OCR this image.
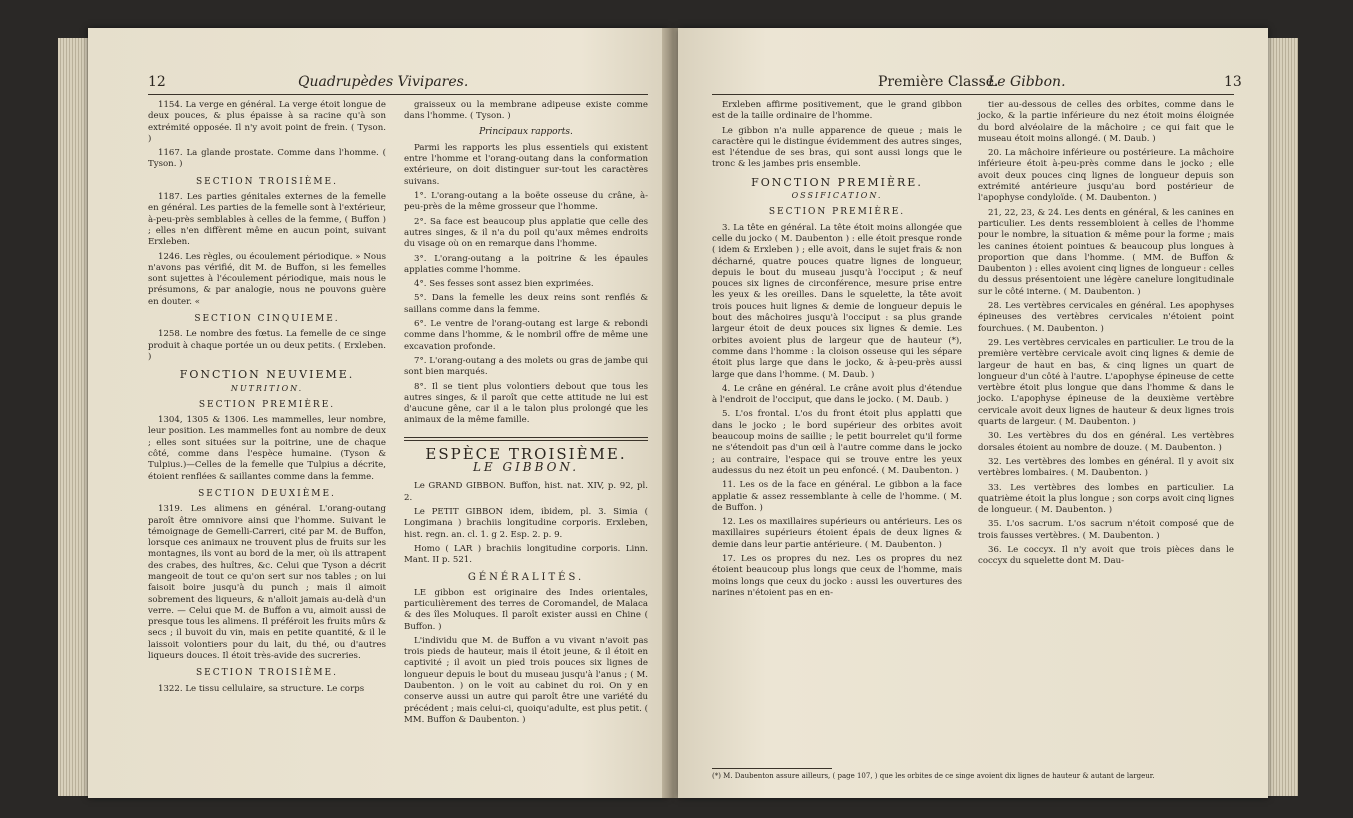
12	Quadrupèdes Vivipares.

1154. La verge en général. La verge étoit longue de deux pouces, & plus épaisse à sa racine qu'à son extrémité opposée. Il n'y avoit point de frein. ( Tyson. )

1167. La glande prostate. Comme dans l'homme. ( Tyson. )

SECTION TROISIÈME.

1187. Les parties génitales externes de la femelle en général. Les parties de la femelle sont à l'extérieur, à-peu-près semblables à celles de la femme, ( Buffon ) ; elles n'en diffèrent même en aucun point, suivant Erxleben.

1246. Les règles, ou écoulement périodique. » Nous n'avons pas vérifié, dit M. de Buffon, si les femelles sont sujettes à l'écoulement périodique, mais nous le présumons, & par analogie, nous ne pouvons guère en douter. «

SECTION CINQUIEME.

1258. Le nombre des fœtus. La femelle de ce singe produit à chaque portée un ou deux petits. ( Erxleben. )

FONCTION NEUVIEME.
NUTRITION.
SECTION PREMIÈRE.

1304, 1305 & 1306. Les mammelles, leur nombre, leur position. Les mammelles font au nombre de deux ; elles sont situées sur la poitrine, une de chaque côté, comme dans l'espèce humaine. (Tyson & Tulpius.)—Celles de la femelle que Tulpius a décrite, étoient renflées & saillantes comme dans la femme.

SECTION DEUXIÈME.

1319. Les alimens en général. L'orang-outang paroît être omnivore ainsi que l'homme. Suivant le témoignage de Gemelli-Carreri, cité par M. de Buffon, lorsque ces animaux ne trouvent plus de fruits sur les montagnes, ils vont au bord de la mer, où ils attrapent des crabes, des huîtres, &c. Celui que Tyson a décrit mangeoit de tout ce qu'on sert sur nos tables ; on lui faisoit boire jusqu'à du punch ; mais il aimoit sobrement des liqueurs, & n'alloit jamais au-delà d'un verre. — Celui que M. de Buffon a vu, aimoit aussi de presque tous les alimens. Il préféroit les fruits mûrs & secs ; il buvoit du vin, mais en petite quantité, & il le laissoit volontiers pour du lait, du thé, ou d'autres liqueurs douces. Il étoit très-avide des sucreries.

SECTION TROISIÈME.

1322. Le tissu cellulaire, sa structure. Le corps

graisseux ou la membrane adipeuse existe comme dans l'homme. ( Tyson. )

Principaux rapports.

Parmi les rapports les plus essentiels qui existent entre l'homme et l'orang-outang dans la conformation extérieure, on doit distinguer sur-tout les caractères suivans.

1°. L'orang-outang a la boëte osseuse du crâne, à-peu-près de la même grosseur que l'homme.

2°. Sa face est beaucoup plus applatie que celle des autres singes, & il n'a du poil qu'aux mêmes endroits du visage où on en remarque dans l'homme.

3°. L'orang-outang a la poitrine & les épaules applaties comme l'homme.

4°. Ses fesses sont assez bien exprimées.

5°. Dans la femelle les deux reins sont renflés & saillans comme dans la femme.

6°. Le ventre de l'orang-outang est large & rebondi comme dans l'homme, & le nombril offre de même une excavation profonde.

7°. L'orang-outang a des molets ou gras de jambe qui sont bien marqués.

8°. Il se tient plus volontiers debout que tous les autres singes, & il paroît que cette attitude ne lui est d'aucune gêne, car il a le talon plus prolongé que les animaux de la même famille.

ESPÈCE TROISIÈME.
LE GIBBON.

Le GRAND GIBBON. Buffon, hist. nat. XIV, p. 92, pl. 2.

Le PETIT GIBBON idem, ibidem, pl. 3. Simia ( Longimana ) brachiis longitudine corporis. Erxleben, hist. regn. an. cl. 1. g 2. Esp. 2. p. 9.

Homo ( LAR ) brachiis longitudine corporis. Linn. Mant. II p. 521.

GÉNÉRALITÉS.

LE gibbon est originaire des Indes orientales, particulièrement des terres de Coromandel, de Malaca & des îles Moluques. Il paroît exister aussi en Chine ( Buffon. )

L'individu que M. de Buffon a vu vivant n'avoit pas trois pieds de hauteur, mais il étoit jeune, & il étoit en captivité ; il avoit un pied trois pouces six lignes de longueur depuis le bout du museau jusqu'à l'anus ; ( M. Daubenton. ) on le voit au cabinet du roi. On y en conserve aussi un autre qui paroît être une variété du précédent ; mais celui-ci, quoiqu'adulte, est plus petit. ( MM. Buffon & Daubenton. )

Première Classe.
Le Gibbon.	13

Erxleben affirme positivement, que le grand gibbon est de la taille ordinaire de l'homme.

Le gibbon n'a nulle apparence de queue ; mais le caractère qui le distingue évidemment des autres singes, est l'étendue de ses bras, qui sont aussi longs que le tronc & les jambes pris ensemble.

FONCTION PREMIÈRE.
OSSIFICATION.
SECTION PREMIÈRE.

3. La tête en général. La tête étoit moins allongée que celle du jocko ( M. Daubenton ) : elle étoit presque ronde ( idem & Erxleben ) ; elle avoit, dans le sujet frais & non décharné, quatre pouces quatre lignes de longueur, depuis le bout du museau jusqu'à l'occiput ; & neuf pouces six lignes de circonférence, mesure prise entre les yeux & les oreilles. Dans le squelette, la tête avoit trois pouces huit lignes & demie de longueur depuis le bout des mâchoires jusqu'à l'occiput : sa plus grande largeur étoit de deux pouces six lignes & demie. Les orbites avoient plus de largeur que de hauteur (*), comme dans l'homme : la cloison osseuse qui les sépare étoit plus large que dans le jocko, & à-peu-près aussi large que dans l'homme. ( M. Daub. )

4. Le crâne en général. Le crâne avoit plus d'étendue à l'endroit de l'occiput, que dans le jocko. ( M. Daub. )

5. L'os frontal. L'os du front étoit plus applatti que dans le jocko ; le bord supérieur des orbites avoit beaucoup moins de saillie ; le petit bourrelet qu'il forme ne s'étendoit pas d'un œil à l'autre comme dans le jocko ; au contraire, l'espace qui se trouve entre les yeux audessus du nez étoit un peu enfoncé. ( M. Daubenton. )

11. Les os de la face en général. Le gibbon a la face applatie & assez ressemblante à celle de l'homme. ( M. de Buffon. )

12. Les os maxillaires supérieurs ou antérieurs. Les os maxillaires supérieurs étoient épais de deux lignes & demie dans leur partie antérieure. ( M. Daubenton. )

17. Les os propres du nez. Les os propres du nez étoient beaucoup plus longs que ceux de l'homme, mais moins longs que ceux du jocko : aussi les ouvertures des narines n'étoient pas en en-

tier au-dessous de celles des orbites, comme dans le jocko, & la partie inférieure du nez étoit moins éloignée du bord alvéolaire de la mâchoire ; ce qui fait que le museau étoit moins allongé. ( M. Daub. )

20. La mâchoire inférieure ou postérieure. La mâchoire inférieure étoit à-peu-près comme dans le jocko ; elle avoit deux pouces cinq lignes de longueur depuis son extrémité antérieure jusqu'au bord postérieur de l'apophyse condyloïde. ( M. Daubenton. )

21, 22, 23, & 24. Les dents en général, & les canines en particulier. Les dents ressembloient à celles de l'homme pour le nombre, la situation & même pour la forme ; mais les canines étoient pointues & beaucoup plus longues à proportion que dans l'homme. ( MM. de Buffon & Daubenton ) : elles avoient cinq lignes de longueur : celles du dessus présentoient une légère canelure longitudinale sur le côté interne. ( M. Daubenton. )

28. Les vertèbres cervicales en général. Les apophyses épineuses des vertèbres cervicales n'étoient point fourchues. ( M. Daubenton. )

29. Les vertèbres cervicales en particulier. Le trou de la première vertèbre cervicale avoit cinq lignes & demie de largeur de haut en bas, & cinq lignes un quart de longueur d'un côté à l'autre. L'apophyse épineuse de cette vertèbre étoit plus longue que dans l'homme & dans le jocko. L'apophyse épineuse de la deuxième vertèbre cervicale avoit deux lignes de hauteur & deux lignes trois quarts de largeur. ( M. Daubenton. )

30. Les vertèbres du dos en général. Les vertèbres dorsales étoient au nombre de douze. ( M. Daubenton. )

32. Les vertèbres des lombes en général. Il y avoit six vertèbres lombaires. ( M. Daubenton. )

33. Les vertèbres des lombes en particulier. La quatrième étoit la plus longue ; son corps avoit cinq lignes de longueur. ( M. Daubenton. )

35. L'os sacrum. L'os sacrum n'étoit composé que de trois fausses vertèbres. ( M. Daubenton. )

36. Le coccyx. Il n'y avoit que trois pièces dans le coccyx du squelette dont M. Dau-

(*) M. Daubenton assure ailleurs, ( page 107, ) que les orbites de ce singe avoient dix lignes de hauteur & autant de largeur.
